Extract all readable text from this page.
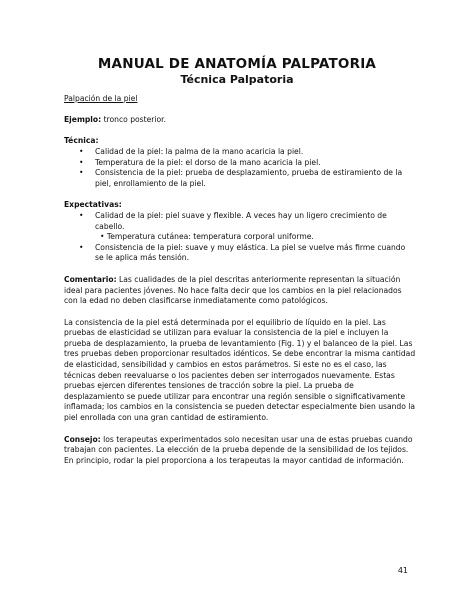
MANUAL DE ANATOMÍA PALPATORIA
Técnica Palpatoria

Palpación de la piel

Ejemplo: tronco posterior.

Técnica:

• Calidad de la piel: la palma de la mano acaricia la piel.
• Temperatura de la piel: el dorso de la mano acaricia la piel.
• Consistencia de la piel: prueba de desplazamiento, prueba de estiramiento de la piel, enrollamiento de la piel.

Expectativas:

• Calidad de la piel: piel suave y flexible. A veces hay un ligero crecimiento de cabello.

• Temperatura cutánea: temperatura corporal uniforme.

• Consistencia de la piel: suave y muy elástica. La piel se vuelve más firme cuando se le aplica más tensión.

Comentario: Las cualidades de la piel descritas anteriormente representan la situación ideal para pacientes jóvenes. No hace falta decir que los cambios en la piel relacionados con la edad no deben clasificarse inmediatamente como patológicos.

La consistencia de la piel está determinada por el equilibrio de líquido en la piel. Las pruebas de elasticidad se utilizan para evaluar la consistencia de la piel e incluyen la prueba de desplazamiento, la prueba de levantamiento (Fig. 1) y el balanceo de la piel. Las tres pruebas deben proporcionar resultados idénticos. Se debe encontrar la misma cantidad de elasticidad, sensibilidad y cambios en estos parámetros. Si este no es el caso, las técnicas deben reevaluarse o los pacientes deben ser interrogados nuevamente. Estas pruebas ejercen diferentes tensiones de tracción sobre la piel. La prueba de desplazamiento se puede utilizar para encontrar una región sensible o significativamente inflamada; los cambios en la consistencia se pueden detectar especialmente bien usando la piel enrollada con una gran cantidad de estiramiento.

Consejo: los terapeutas experimentados solo necesitan usar una de estas pruebas cuando trabajan con pacientes. La elección de la prueba depende de la sensibilidad de los tejidos. En principio, rodar la piel proporciona a los terapeutas la mayor cantidad de información.

41
